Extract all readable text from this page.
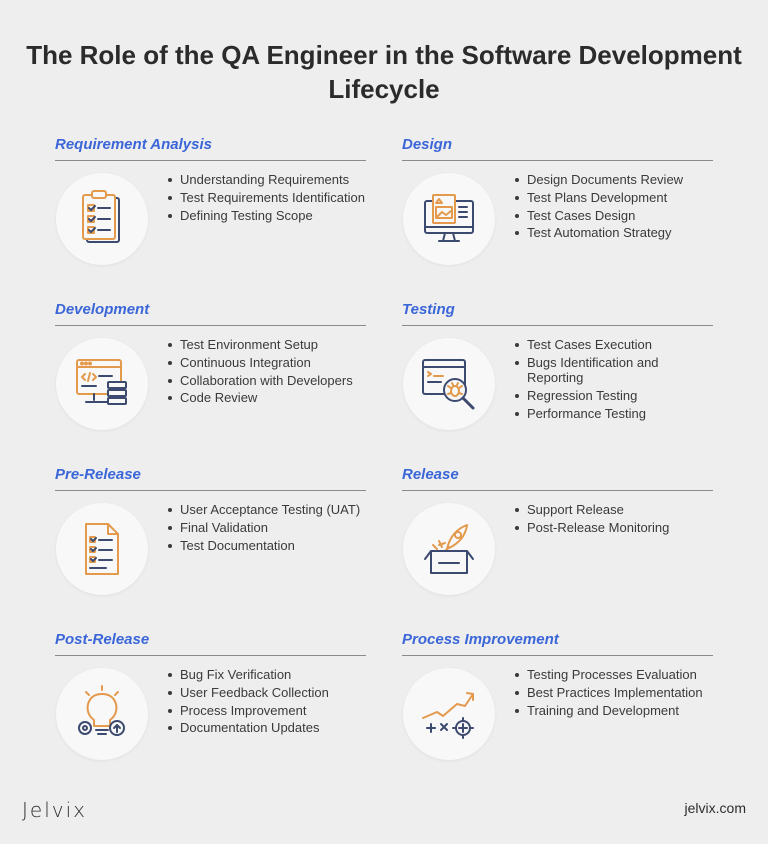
The Role of the QA Engineer in the Software Development Lifecycle
Requirement Analysis
Understanding Requirements
Test Requirements Identification
Defining Testing Scope
Design
Design Documents Review
Test Plans Development
Test Cases Design
Test Automation Strategy
Development
Test Environment Setup
Continuous Integration
Collaboration with Developers
Code Review
Testing
Test Cases Execution
Bugs Identification and Reporting
Regression Testing
Performance Testing
Pre-Release
User Acceptance Testing (UAT)
Final Validation
Test Documentation
Release
Support Release
Post-Release Monitoring
Post-Release
Bug Fix Verification
User Feedback Collection
Process Improvement
Documentation Updates
Process Improvement
Testing Processes Evaluation
Best Practices Implementation
Training and Development
Jelvix	jelvix.com
